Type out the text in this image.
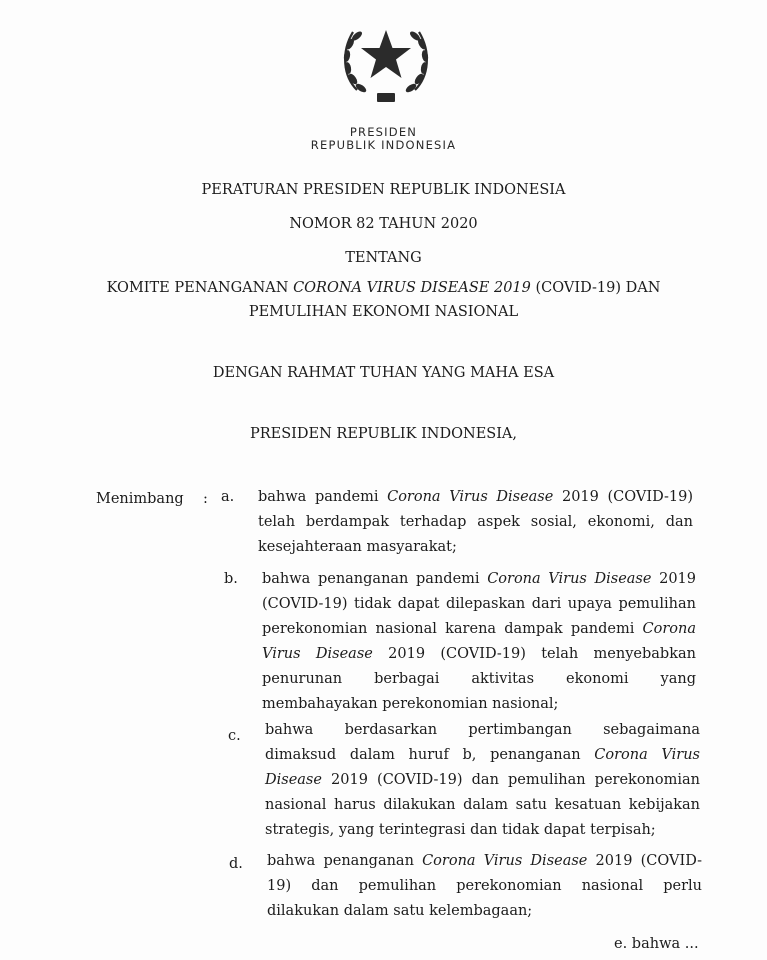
PRESIDEN
REPUBLIK INDONESIA
PERATURAN PRESIDEN REPUBLIK INDONESIA
NOMOR 82 TAHUN 2020
TENTANG
KOMITE PENANGANAN CORONA VIRUS DISEASE 2019 (COVID-19) DAN
PEMULIHAN EKONOMI NASIONAL
DENGAN RAHMAT TUHAN YANG MAHA ESA
PRESIDEN REPUBLIK INDONESIA,
Menimbang : a. bahwa pandemi Corona Virus Disease 2019 (COVID-19)
telah berdampak terhadap aspek sosial, ekonomi, dan
kesejahteraan masyarakat;
b. bahwa penanganan pandemi Corona Virus Disease 2019
(COVID-19) tidak dapat dilepaskan dari upaya pemulihan
perekonomian nasional karena dampak pandemi Corona
Virus Disease 2019 (COVID-19) telah menyebabkan
penurunan berbagai aktivitas ekonomi yang
membahayakan perekonomian nasional;
c. bahwa berdasarkan pertimbangan sebagaimana
dimaksud dalam huruf b, penanganan Corona Virus
Disease 2019 (COVID-19) dan pemulihan perekonomian
nasional harus dilakukan dalam satu kesatuan kebijakan
strategis, yang terintegrasi dan tidak dapat terpisah;
d. bahwa penanganan Corona Virus Disease 2019 (COVID-
19) dan pemulihan perekonomian nasional perlu
dilakukan dalam satu kelembagaan;
e. bahwa ...
